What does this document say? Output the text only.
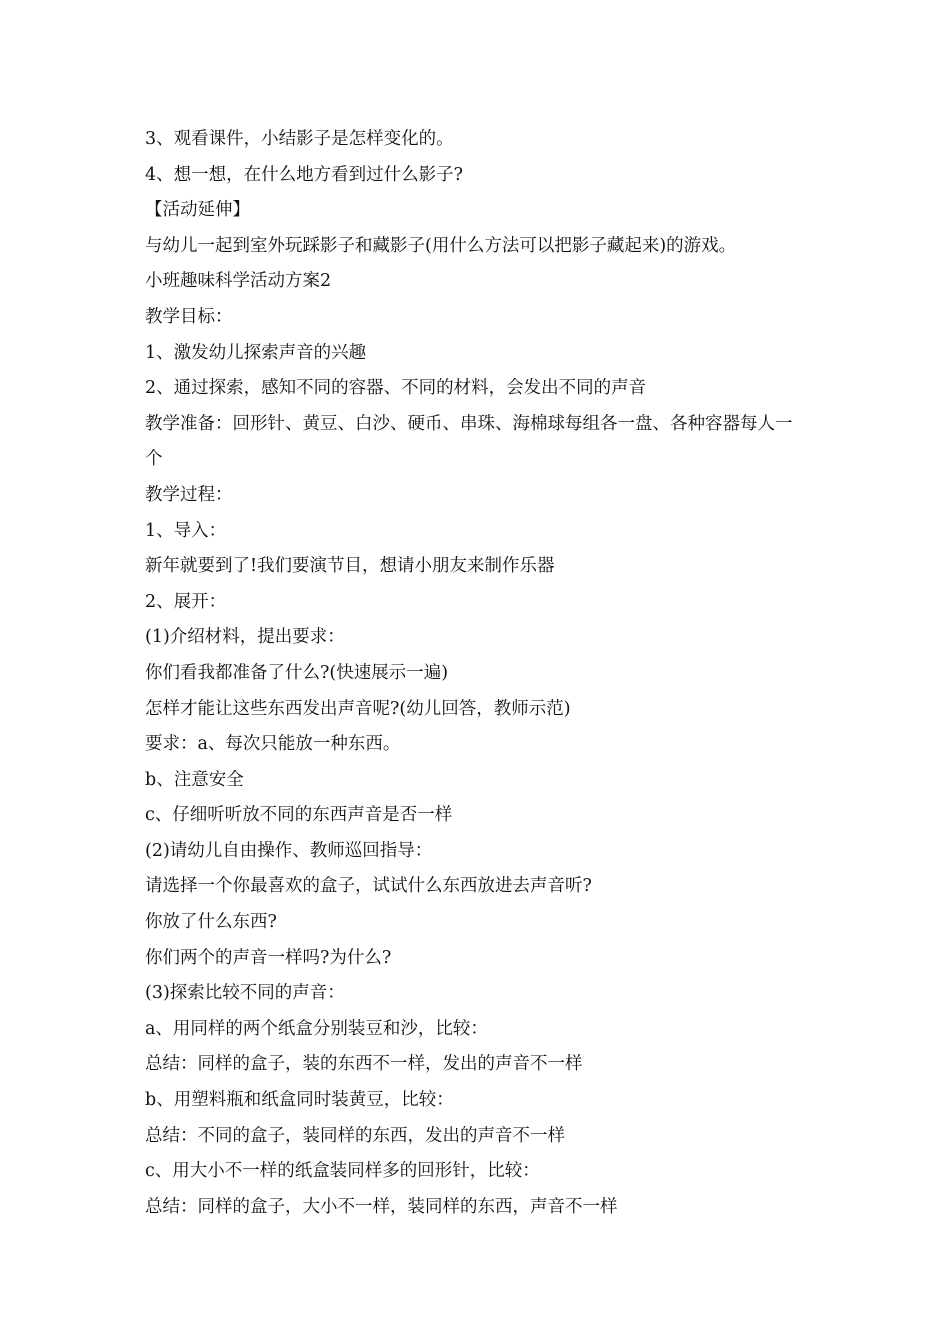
3、观看课件，小结影子是怎样变化的。

4、想一想，在什么地方看到过什么影子?

【活动延伸】

与幼儿一起到室外玩踩影子和藏影子(用什么方法可以把影子藏起来)的游戏。

小班趣味科学活动方案2

教学目标：

1、激发幼儿探索声音的兴趣

2、通过探索，感知不同的容器、不同的材料，会发出不同的声音

教学准备：回形针、黄豆、白沙、硬币、串珠、海棉球每组各一盘、各种容器每人一

个

教学过程：

1、导入：

新年就要到了!我们要演节目，想请小朋友来制作乐器

2、展开：

(1)介绍材料，提出要求：

你们看我都准备了什么?(快速展示一遍)

怎样才能让这些东西发出声音呢?(幼儿回答，教师示范)

要求：a、每次只能放一种东西。

b、注意安全

c、仔细听听放不同的东西声音是否一样

(2)请幼儿自由操作、教师巡回指导：

请选择一个你最喜欢的盒子，试试什么东西放进去声音听?

你放了什么东西?

你们两个的声音一样吗?为什么?

(3)探索比较不同的声音：

a、用同样的两个纸盒分别装豆和沙，比较：

总结：同样的盒子，装的东西不一样，发出的声音不一样

b、用塑料瓶和纸盒同时装黄豆，比较：

总结：不同的盒子，装同样的东西，发出的声音不一样

c、用大小不一样的纸盒装同样多的回形针，比较：

总结：同样的盒子，大小不一样，装同样的东西，声音不一样
